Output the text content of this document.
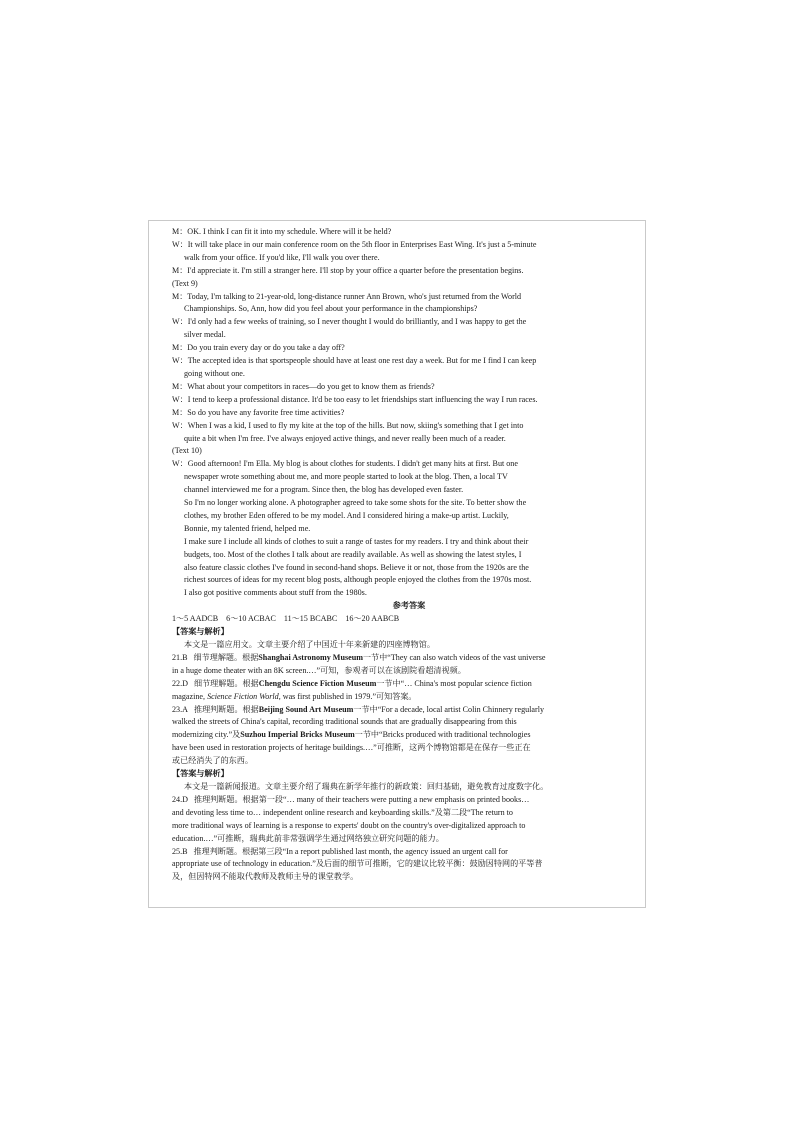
M：OK. I think I can fit it into my schedule. Where will it be held?
W：It will take place in our main conference room on the 5th floor in Enterprises East Wing. It's just a 5-minute
walk from your office. If you'd like, I'll walk you over there.
M：I'd appreciate it. I'm still a stranger here. I'll stop by your office a quarter before the presentation begins.
(Text 9)
M：Today, I'm talking to 21-year-old, long-distance runner Ann Brown, who's just returned from the World
Championships. So, Ann, how did you feel about your performance in the championships?
W：I'd only had a few weeks of training, so I never thought I would do brilliantly, and I was happy to get the
silver medal.
M：Do you train every day or do you take a day off?
W：The accepted idea is that sportspeople should have at least one rest day a week. But for me I find I can keep
going without one.
M：What about your competitors in races—do you get to know them as friends?
W：I tend to keep a professional distance. It'd be too easy to let friendships start influencing the way I run races.
M：So do you have any favorite free time activities?
W：When I was a kid, I used to fly my kite at the top of the hills. But now, skiing's something that I get into
quite a bit when I'm free. I've always enjoyed active things, and never really been much of a reader.
(Text 10)
W：Good afternoon! I'm Ella. My blog is about clothes for students. I didn't get many hits at first. But one
newspaper wrote something about me, and more people started to look at the blog. Then, a local TV
channel interviewed me for a program. Since then, the blog has developed even faster.
So I'm no longer working alone. A photographer agreed to take some shots for the site. To better show the
clothes, my brother Eden offered to be my model. And I considered hiring a make-up artist. Luckily,
Bonnie, my talented friend, helped me.
I make sure I include all kinds of clothes to suit a range of tastes for my readers. I try and think about their
budgets, too. Most of the clothes I talk about are readily available. As well as showing the latest styles, I
also feature classic clothes I've found in second-hand shops. Believe it or not, those from the 1920s are the
richest sources of ideas for my recent blog posts, although people enjoyed the clothes from the 1970s most.
I also got positive comments about stuff from the 1980s.
参考答案
1～5 AADCB 6～10 ACBAC 11～15 BCABC 16～20 AABCB
【答案与解析】
本文是一篇应用文。文章主要介绍了中国近十年来新建的四座博物馆。
21.B 细节理解题。根据Shanghai Astronomy Museum一节中“They can also watch videos of the vast universe
in a huge dome theater with an 8K screen.…”可知，参观者可以在该剧院看超清视频。
22.D 细节理解题。根据Chengdu Science Fiction Museum一节中“… China's most popular science fiction
magazine, Science Fiction World, was first published in 1979.”可知答案。
23.A 推理判断题。根据Beijing Sound Art Museum一节中“For a decade, local artist Colin Chinnery regularly
walked the streets of China's capital, recording traditional sounds that are gradually disappearing from this
modernizing city.”及Suzhou Imperial Bricks Museum一节中“Bricks produced with traditional technologies
have been used in restoration projects of heritage buildings.…”可推断，这两个博物馆都是在保存一些正在
或已经消失了的东西。
【答案与解析】
本文是一篇新闻报道。文章主要介绍了瑞典在新学年推行的新政策：回归基础，避免教育过度数字化。
24.D 推理判断题。根据第一段“… many of their teachers were putting a new emphasis on printed books…
and devoting less time to… independent online research and keyboarding skills.”及第二段“The return to
more traditional ways of learning is a response to experts' doubt on the country's over-digitalized approach to
education.…”可推断，瑞典此前非常强调学生通过网络独立研究问题的能力。
25.B 推理判断题。根据第三段“In a report published last month, the agency issued an urgent call for
appropriate use of technology in education.”及后面的细节可推断，它的建议比较平衡：鼓励因特网的平等普
及，但因特网不能取代教师及教师主导的课堂教学。
